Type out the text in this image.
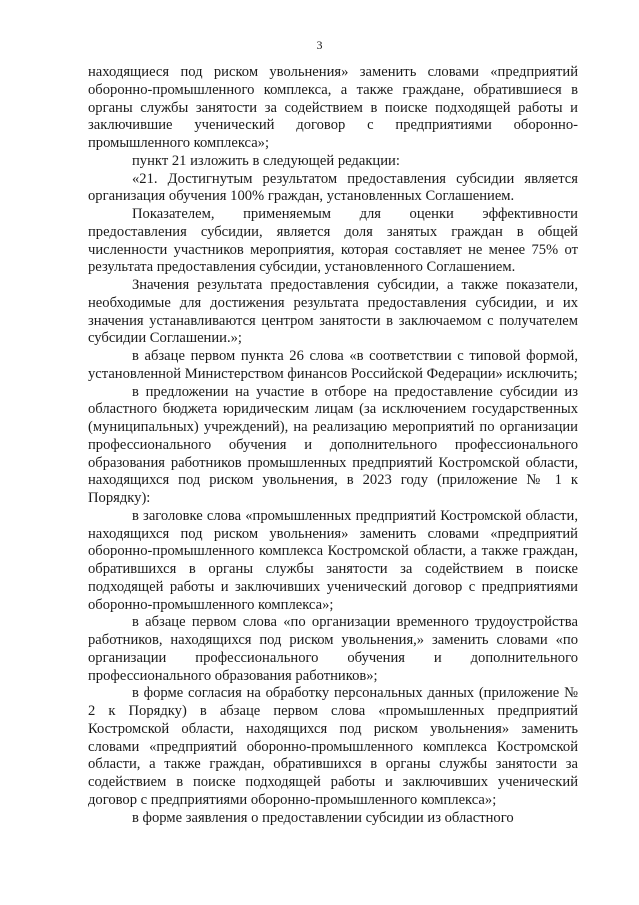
3

находящиеся под риском увольнения» заменить словами «предприятий оборонно-промышленного комплекса, а также граждане, обратившиеся в органы службы занятости за содействием в поиске подходящей работы и заключившие ученический договор с предприятиями оборонно-промышленного комплекса»;

пункт 21 изложить в следующей редакции:

«21. Достигнутым результатом предоставления субсидии является организация обучения 100% граждан, установленных Соглашением.

Показателем, применяемым для оценки эффективности предоставления субсидии, является доля занятых граждан в общей численности участников мероприятия, которая составляет не менее 75% от результата предоставления субсидии, установленного Соглашением.

Значения результата предоставления субсидии, а также показатели, необходимые для достижения результата предоставления субсидии, и их значения устанавливаются центром занятости в заключаемом с получателем субсидии Соглашении.»;

в абзаце первом пункта 26 слова «в соответствии с типовой формой, установленной Министерством финансов Российской Федерации» исключить;

в предложении на участие в отборе на предоставление субсидии из областного бюджета юридическим лицам (за исключением государственных (муниципальных) учреждений), на реализацию мероприятий по организации профессионального обучения и дополнительного профессионального образования работников промышленных предприятий Костромской области, находящихся под риском увольнения, в 2023 году (приложение № 1 к Порядку):

в заголовке слова «промышленных предприятий Костромской области, находящихся под риском увольнения» заменить словами «предприятий оборонно-промышленного комплекса Костромской области, а также граждан, обратившихся в органы службы занятости за содействием в поиске подходящей работы и заключивших ученический договор с предприятиями оборонно-промышленного комплекса»;

в абзаце первом слова «по организации временного трудоустройства работников, находящихся под риском увольнения,» заменить словами «по организации профессионального обучения и дополнительного профессионального образования работников»;

в форме согласия на обработку персональных данных (приложение № 2 к Порядку) в абзаце первом слова «промышленных предприятий Костромской области, находящихся под риском увольнения» заменить словами «предприятий оборонно-промышленного комплекса Костромской области, а также граждан, обратившихся в органы службы занятости за содействием в поиске подходящей работы и заключивших ученический договор с предприятиями оборонно-промышленного комплекса»;

в форме заявления о предоставлении субсидии из областного
